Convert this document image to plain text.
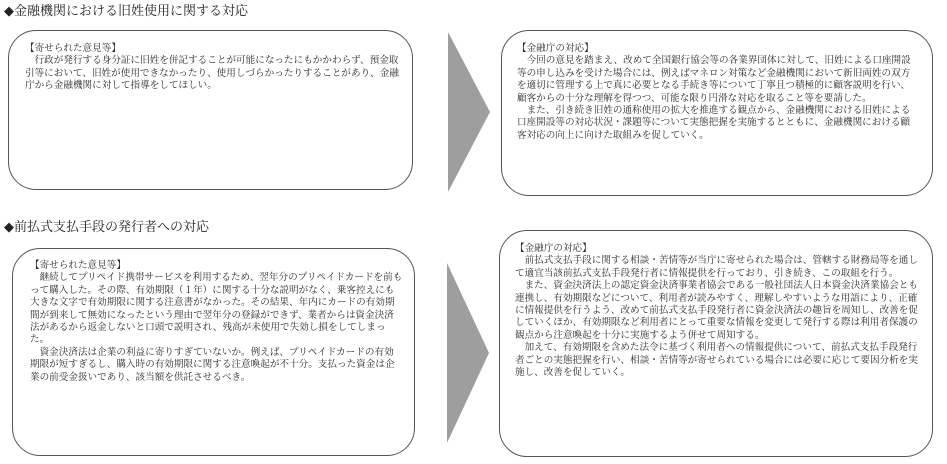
◆金融機関における旧姓使用に関する対応

【寄せられた意見等】

行政が発行する身分証に旧姓を併記することが可能になったにもかかわらず、預金取引等において、旧姓が使用できなかったり、使用しづらかったりすることがあり、金融庁から金融機関に対して指導をしてほしい。

【金融庁の対応】

今回の意見を踏まえ、改めて全国銀行協会等の各業界団体に対して、旧姓による口座開設等の申し込みを受けた場合には、例えばマネロン対策など金融機関において新旧両姓の双方を適切に管理する上で真に必要となる手続き等について丁寧且つ積極的に顧客説明を行い、顧客からの十分な理解を得つつ、可能な限り円滑な対応を取ること等を要請した。

また、引き続き旧姓の通称使用の拡大を推進する観点から、金融機関における旧姓による口座開設等の対応状況・課題等について実態把握を実施するとともに、金融機関における顧客対応の向上に向けた取組みを促していく。

◆前払式支払手段の発行者への対応

【寄せられた意見等】

継続してプリペイド携帯サービスを利用するため、翌年分のプリペイドカードを前もって購入した。その際、有効期限（１年）に関する十分な説明がなく、乗客控えにも大きな文字で有効期限に関する注意書がなかった。その結果、年内にカードの有効期間が到来して無効になったという理由で翌年分の登録ができず、業者からは資金決済法があるから返金しないと口頭で説明され、残高が未使用で失効し損をしてしまった。

資金決済法は企業の利益に寄りすぎていないか。例えば、プリペイドカードの有効期限が短すぎるし、購入時の有効期限に関する注意喚起が不十分。支払った資金は企業の前受金扱いであり、該当額を供託させるべき。

【金融庁の対応】

前払式支払手段に関する相談・苦情等が当庁に寄せられた場合は、管轄する財務局等を通して適宜当該前払式支払手段発行者に情報提供を行っており、引き続き、この取組を行う。

また、資金決済法上の認定資金決済事業者協会である一般社団法人日本資金決済業協会とも連携し、有効期限などについて、利用者が読みやすく、理解しやすいような用語により、正確に情報提供を行うよう、改めて前払式支払手段発行者に資金決済法の趣旨を周知し、改善を促していくほか、有効期限など利用者にとって重要な情報を変更して発行する際は利用者保護の観点から注意喚起を十分に実施するよう併せて周知する。

加えて、有効期限を含めた法令に基づく利用者への情報提供について、前払式支払手段発行者ごとの実態把握を行い、相談・苦情等が寄せられている場合には必要に応じて要因分析を実施し、改善を促していく。
